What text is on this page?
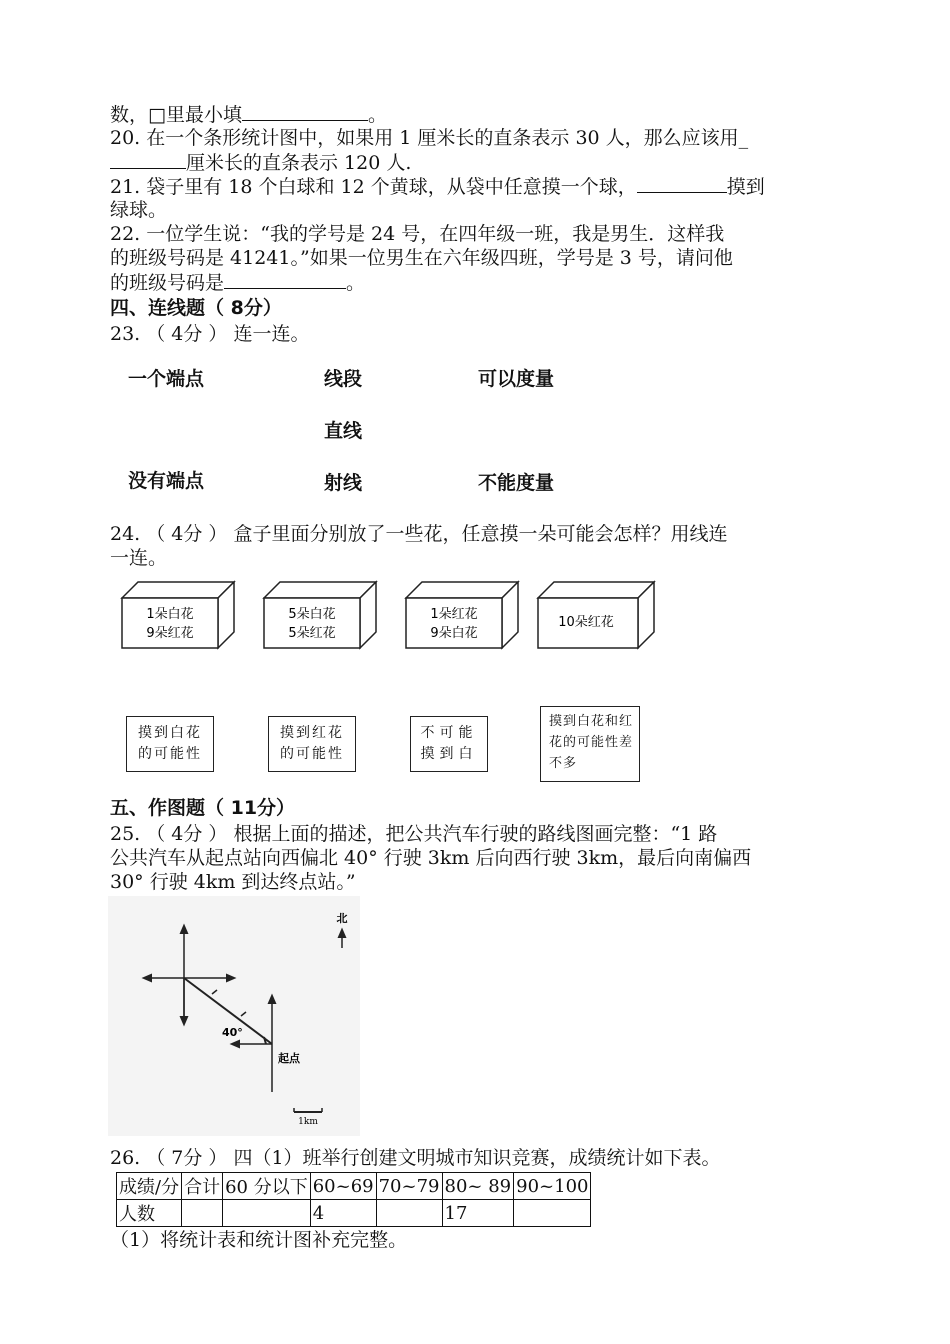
数，□里最小填	。
20. 在一个条形统计图中，如果用 1 厘米长的直条表示 30 人，那么应该用_
厘米长的直条表示 120 人.
21. 袋子里有 18 个白球和 12 个黄球，从袋中任意摸一个球，	摸到
绿球。
22. 一位学生说：“我的学号是 24 号，在四年级一班，我是男生．这样我
的班级号码是 41241。”如果一位男生在六年级四班，学号是 3 号，请问他
的班级号码是	。
四、连线题（ 8分）
23. （ 4分 ） 连一连。
一个端点
没有端点
线段
直线
射线
可以度量
不能度量
24. （ 4分 ） 盒子里面分别放了一些花，任意摸一朵可能会怎样？用线连
一连。
1朵白花
9朵红花
5朵白花
5朵红花
1朵红花
9朵白花
10朵红花
摸到白花
的可能性
摸到红花
的可能性
不可能
摸到白
摸到白花和红
花的可能性差
不多
五、作图题（ 11分）
25. （ 4分 ） 根据上面的描述，把公共汽车行驶的路线图画完整：“1 路
公共汽车从起点站向西偏北 40° 行驶 3km 后向西行驶 3km，最后向南偏西
30° 行驶 4km 到达终点站。”
北
40°
起点
1km
26. （ 7分 ） 四（1）班举行创建文明城市知识竞赛，成绩统计如下表。
成绩/分	合计	60 分以下	60~69	70~79	80~ 89	90~100
人数			4		17	
（1）将统计表和统计图补充完整。
